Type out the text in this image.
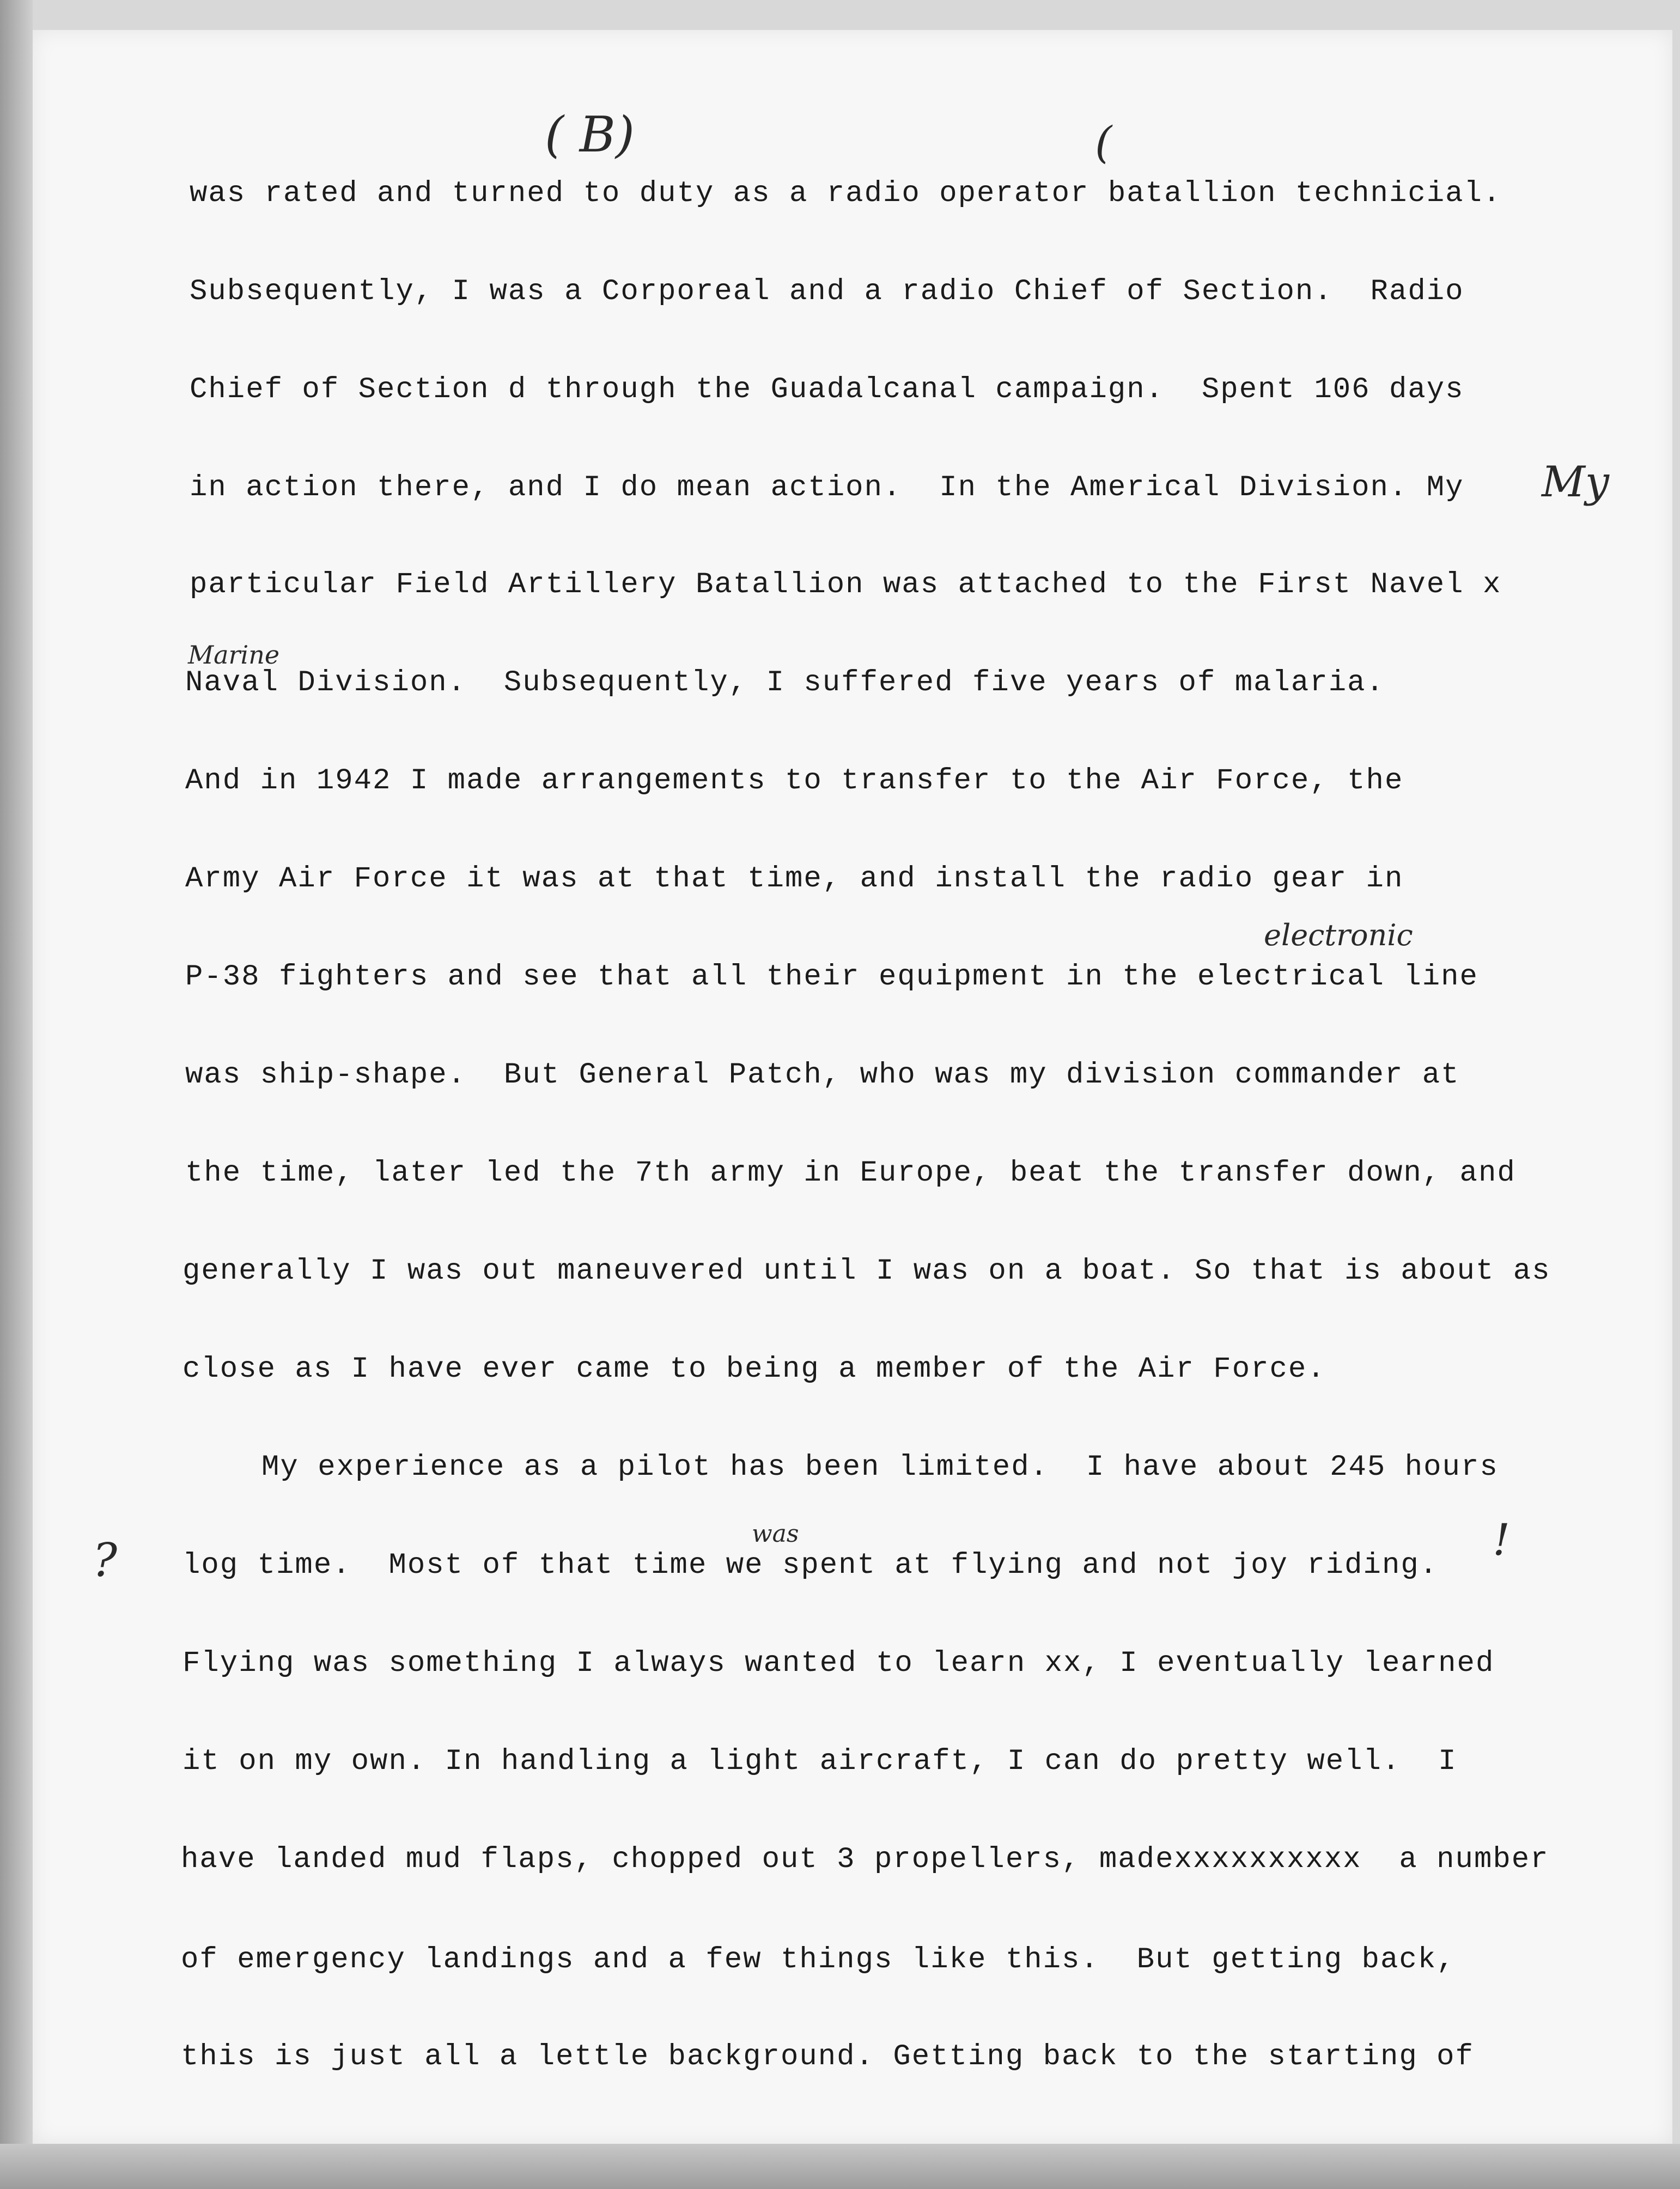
( B)	(
My
Marine
electronic
was
?	!
was rated and turned to duty as a radio operator batallion technicial.
Subsequently, I was a Corporeal and a radio Chief of Section.  Radio
Chief of Section d through the Guadalcanal campaign.  Spent 106 days
in action there, and I do mean action.  In the Americal Division. My
particular Field Artillery Batallion was attached to the First Navel x
Naval Division.  Subsequently, I suffered five years of malaria.
And in 1942 I made arrangements to transfer to the Air Force, the
Army Air Force it was at that time, and install the radio gear in
P-38 fighters and see that all their equipment in the electrical line
was ship-shape.  But General Patch, who was my division commander at
the time, later led the 7th army in Europe, beat the transfer down, and
generally I was out maneuvered until I was on a boat. So that is about as
close as I have ever came to being a member of the Air Force.
My experience as a pilot has been limited.  I have about 245 hours
log time.  Most of that time we spent at flying and not joy riding.
Flying was something I always wanted to learn xx, I eventually learned
it on my own. In handling a light aircraft, I can do pretty well.  I
have landed mud flaps, chopped out 3 propellers, madexxxxxxxxxx  a number
of emergency landings and a few things like this.  But getting back,
this is just all a lettle background. Getting back to the starting of
